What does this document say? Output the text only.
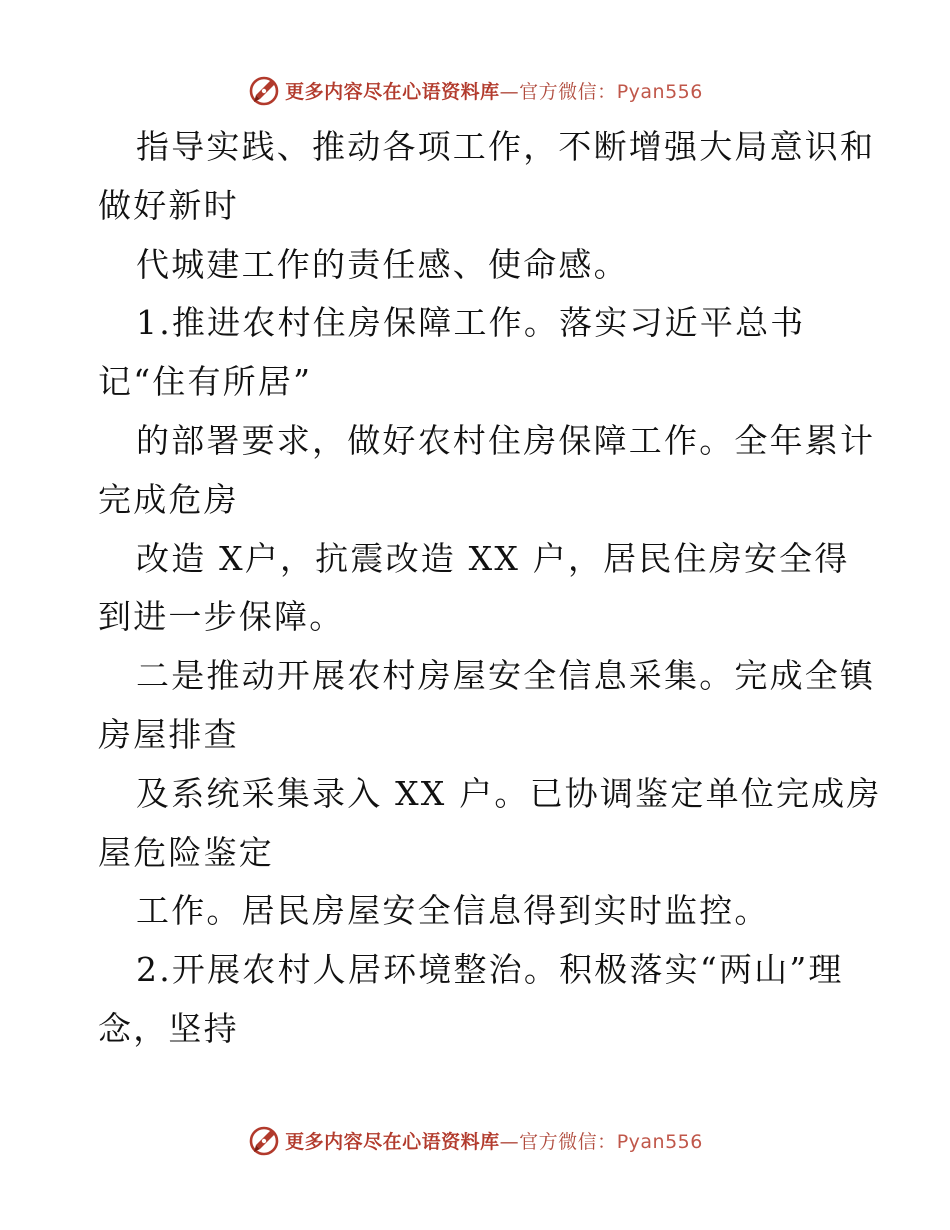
更多内容尽在心语资料库—官方微信：Pyan556
指导实践、推动各项工作，不断增强大局意识和
做好新时
代城建工作的责任感、使命感。
1.推进农村住房保障工作。落实习近平总书
记“住有所居”
的部署要求，做好农村住房保障工作。全年累计
完成危房
改造 X户，抗震改造 XX 户，居民住房安全得
到进一步保障。
二是推动开展农村房屋安全信息采集。完成全镇
房屋排查
及系统采集录入 XX 户。已协调鉴定单位完成房
屋危险鉴定
工作。居民房屋安全信息得到实时监控。
2.开展农村人居环境整治。积极落实“两山”理
念，坚持
更多内容尽在心语资料库—官方微信：Pyan556
